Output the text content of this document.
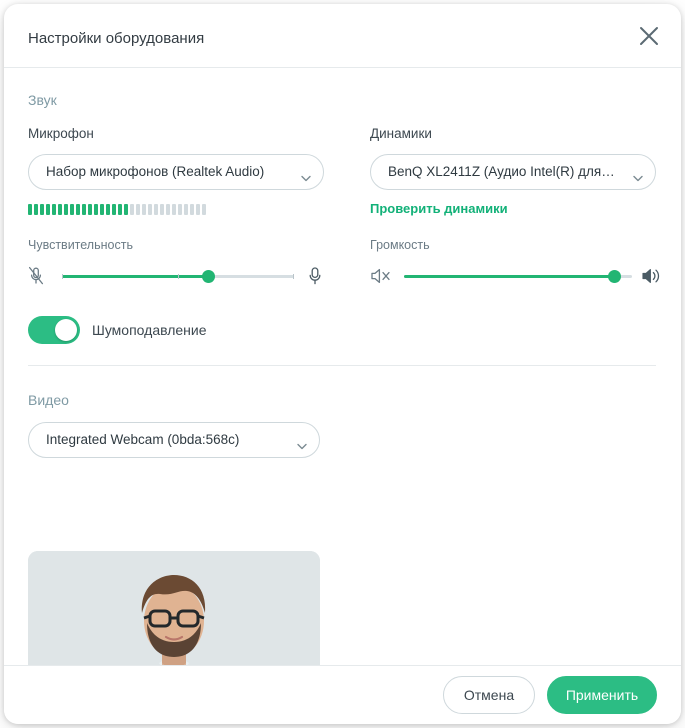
Настройки оборудования
Звук
Микрофон
Набор микрофонов (Realtek Audio)
Чувствительность
Динамики
BenQ XL2411Z (Аудио Intel(R) для…
Проверить динамики
Громкость
Шумоподавление
Видео
Integrated Webcam (0bda:568c)
Отмена	Применить
